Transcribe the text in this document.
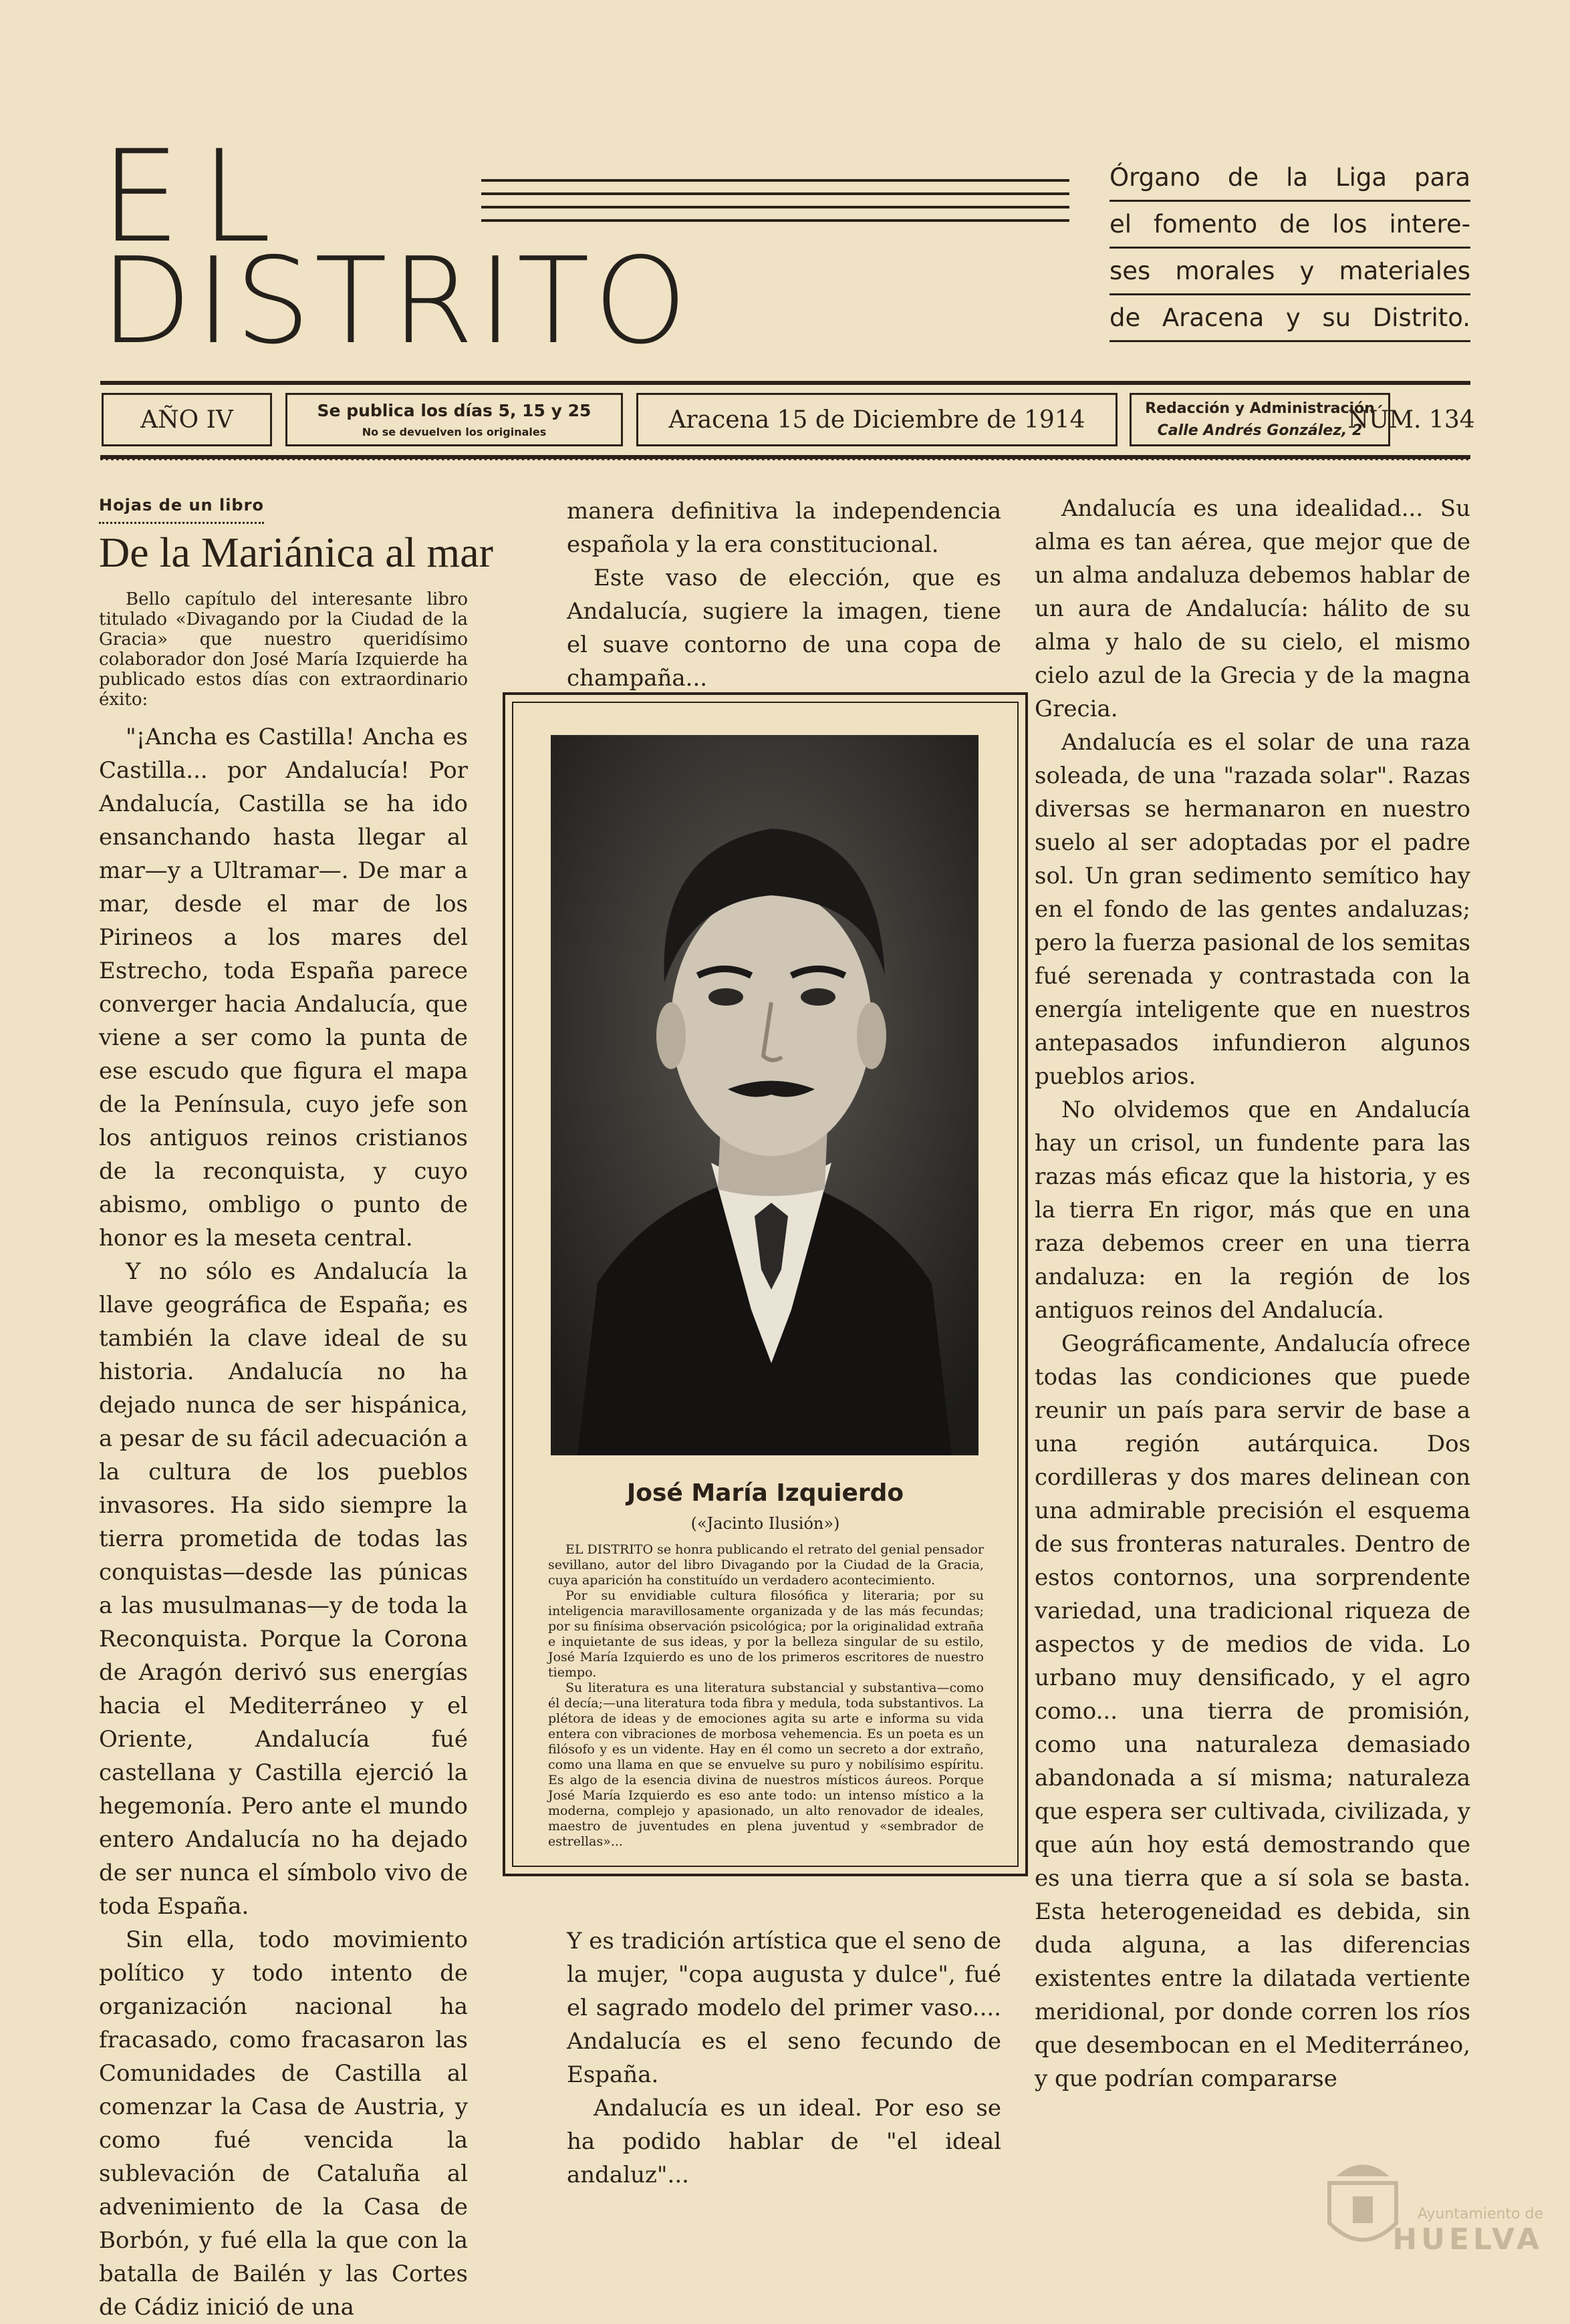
EL
DISTRITO
Órgano de la Liga para
el fomento de los intere-
ses morales y materiales
de Aracena y su Distrito.
AÑO IV	Se publica los días 5, 15 y 25
No se devuelven los originales	Aracena 15 de Diciembre de 1914	Redacción y Administración
Calle Andrés González, 2
NÚM. 134
Hojas de un libro
De la Mariánica al mar
Bello capítulo del interesante libro titulado «Divagando por la Ciudad de la Gracia» que nuestro queridísimo colaborador don José María Izquierde ha publicado estos días con extraordinario éxito:

"¡Ancha es Castilla! Ancha es Castilla... por Andalucía! Por Andalucía, Castilla se ha ido ensanchando hasta llegar al mar—y a Ultramar—. De mar a mar, desde el mar de los Pirineos a los mares del Estrecho, toda España parece converger hacia Andalucía, que viene a ser como la punta de ese escudo que figura el mapa de la Península, cuyo jefe son los antiguos reinos cristianos de la reconquista, y cuyo abismo, ombligo o punto de honor es la meseta central.

Y no sólo es Andalucía la llave geográfica de España; es también la clave ideal de su historia. Andalucía no ha dejado nunca de ser hispánica, a pesar de su fácil adecuación a la cultura de los pueblos invasores. Ha sido siempre la tierra prometida de todas las conquistas—desde las púnicas a las musulmanas—y de toda la Reconquista. Porque la Corona de Aragón derivó sus energías hacia el Mediterráneo y el Oriente, Andalucía fué castellana y Castilla ejerció la hegemonía. Pero ante el mundo entero Andalucía no ha dejado de ser nunca el símbolo vivo de toda España.

Sin ella, todo movimiento político y todo intento de organización nacional ha fracasado, como fracasaron las Comunidades de Castilla al comenzar la Casa de Austria, y como fué vencida la sublevación de Cataluña al advenimiento de la Casa de Borbón, y fué ella la que con la batalla de Bailén y las Cortes de Cádiz inició de una

manera definitiva la independencia española y la era constitucional.

Este vaso de elección, que es Andalucía, sugiere la imagen, tiene el suave contorno de una copa de champaña...

José María Izquierdo
(«Jacinto Ilusión»)

EL DISTRITO se honra publicando el retrato del genial pensador sevillano, autor del libro Divagando por la Ciudad de la Gracia, cuya aparición ha constituído un verdadero acontecimiento.

Por su envidiable cultura filosófica y literaria; por su inteligencia maravillosamente organizada y de las más fecundas; por su finísima observación psicológica; por la originalidad extraña e inquietante de sus ideas, y por la belleza singular de su estilo, José María Izquierdo es uno de los primeros escritores de nuestro tiempo.

Su literatura es una literatura substancial y substantiva—como él decía;—una literatura toda fibra y medula, toda substantivos. La plétora de ideas y de emociones agita su arte e informa su vida entera con vibraciones de morbosa vehemencia. Es un poeta es un filósofo y es un vidente. Hay en él como un secreto a dor extraño, como una llama en que se envuelve su puro y nobilísimo espíritu. Es algo de la esencia divina de nuestros místicos áureos. Porque José María Izquierdo es eso ante todo: un intenso místico a la moderna, complejo y apasionado, un alto renovador de ideales, maestro de juventudes en plena juventud y «sembrador de estrellas»...

Y es tradición artística que el seno de la mujer, "copa augusta y dulce", fué el sagrado modelo del primer vaso.... Andalucía es el seno fecundo de España.

Andalucía es un ideal. Por eso se ha podido hablar de "el ideal andaluz"...

Andalucía es una idealidad... Su alma es tan aérea, que mejor que de un alma andaluza debemos hablar de un aura de Andalucía: hálito de su alma y halo de su cielo, el mismo cielo azul de la Grecia y de la magna Grecia.

Andalucía es el solar de una raza soleada, de una "razada solar". Razas diversas se hermanaron en nuestro suelo al ser adoptadas por el padre sol. Un gran sedimento semítico hay en el fondo de las gentes andaluzas; pero la fuerza pasional de los semitas fué serenada y contrastada con la energía inteligente que en nuestros antepasados infundieron algunos pueblos arios.

No olvidemos que en Andalucía hay un crisol, un fundente para las razas más eficaz que la historia, y es la tierra En rigor, más que en una raza debemos creer en una tierra andaluza: en la región de los antiguos reinos del Andalucía.

Geográficamente, Andalucía ofrece todas las condiciones que puede reunir un país para servir de base a una región autárquica. Dos cordilleras y dos mares delinean con una admirable precisión el esquema de sus fronteras naturales. Dentro de estos contornos, una sorprendente variedad, una tradicional riqueza de aspectos y de medios de vida. Lo urbano muy densificado, y el agro como... una tierra de promisión, como una naturaleza demasiado abandonada a sí misma; naturaleza que espera ser cultivada, civilizada, y que aún hoy está demostrando que es una tierra que a sí sola se basta. Esta heterogeneidad es debida, sin duda alguna, a las diferencias existentes entre la dilatada vertiente meridional, por donde corren los ríos que desembocan en el Mediterráneo, y que podrían compararse

Ayuntamiento de
HUELVA
